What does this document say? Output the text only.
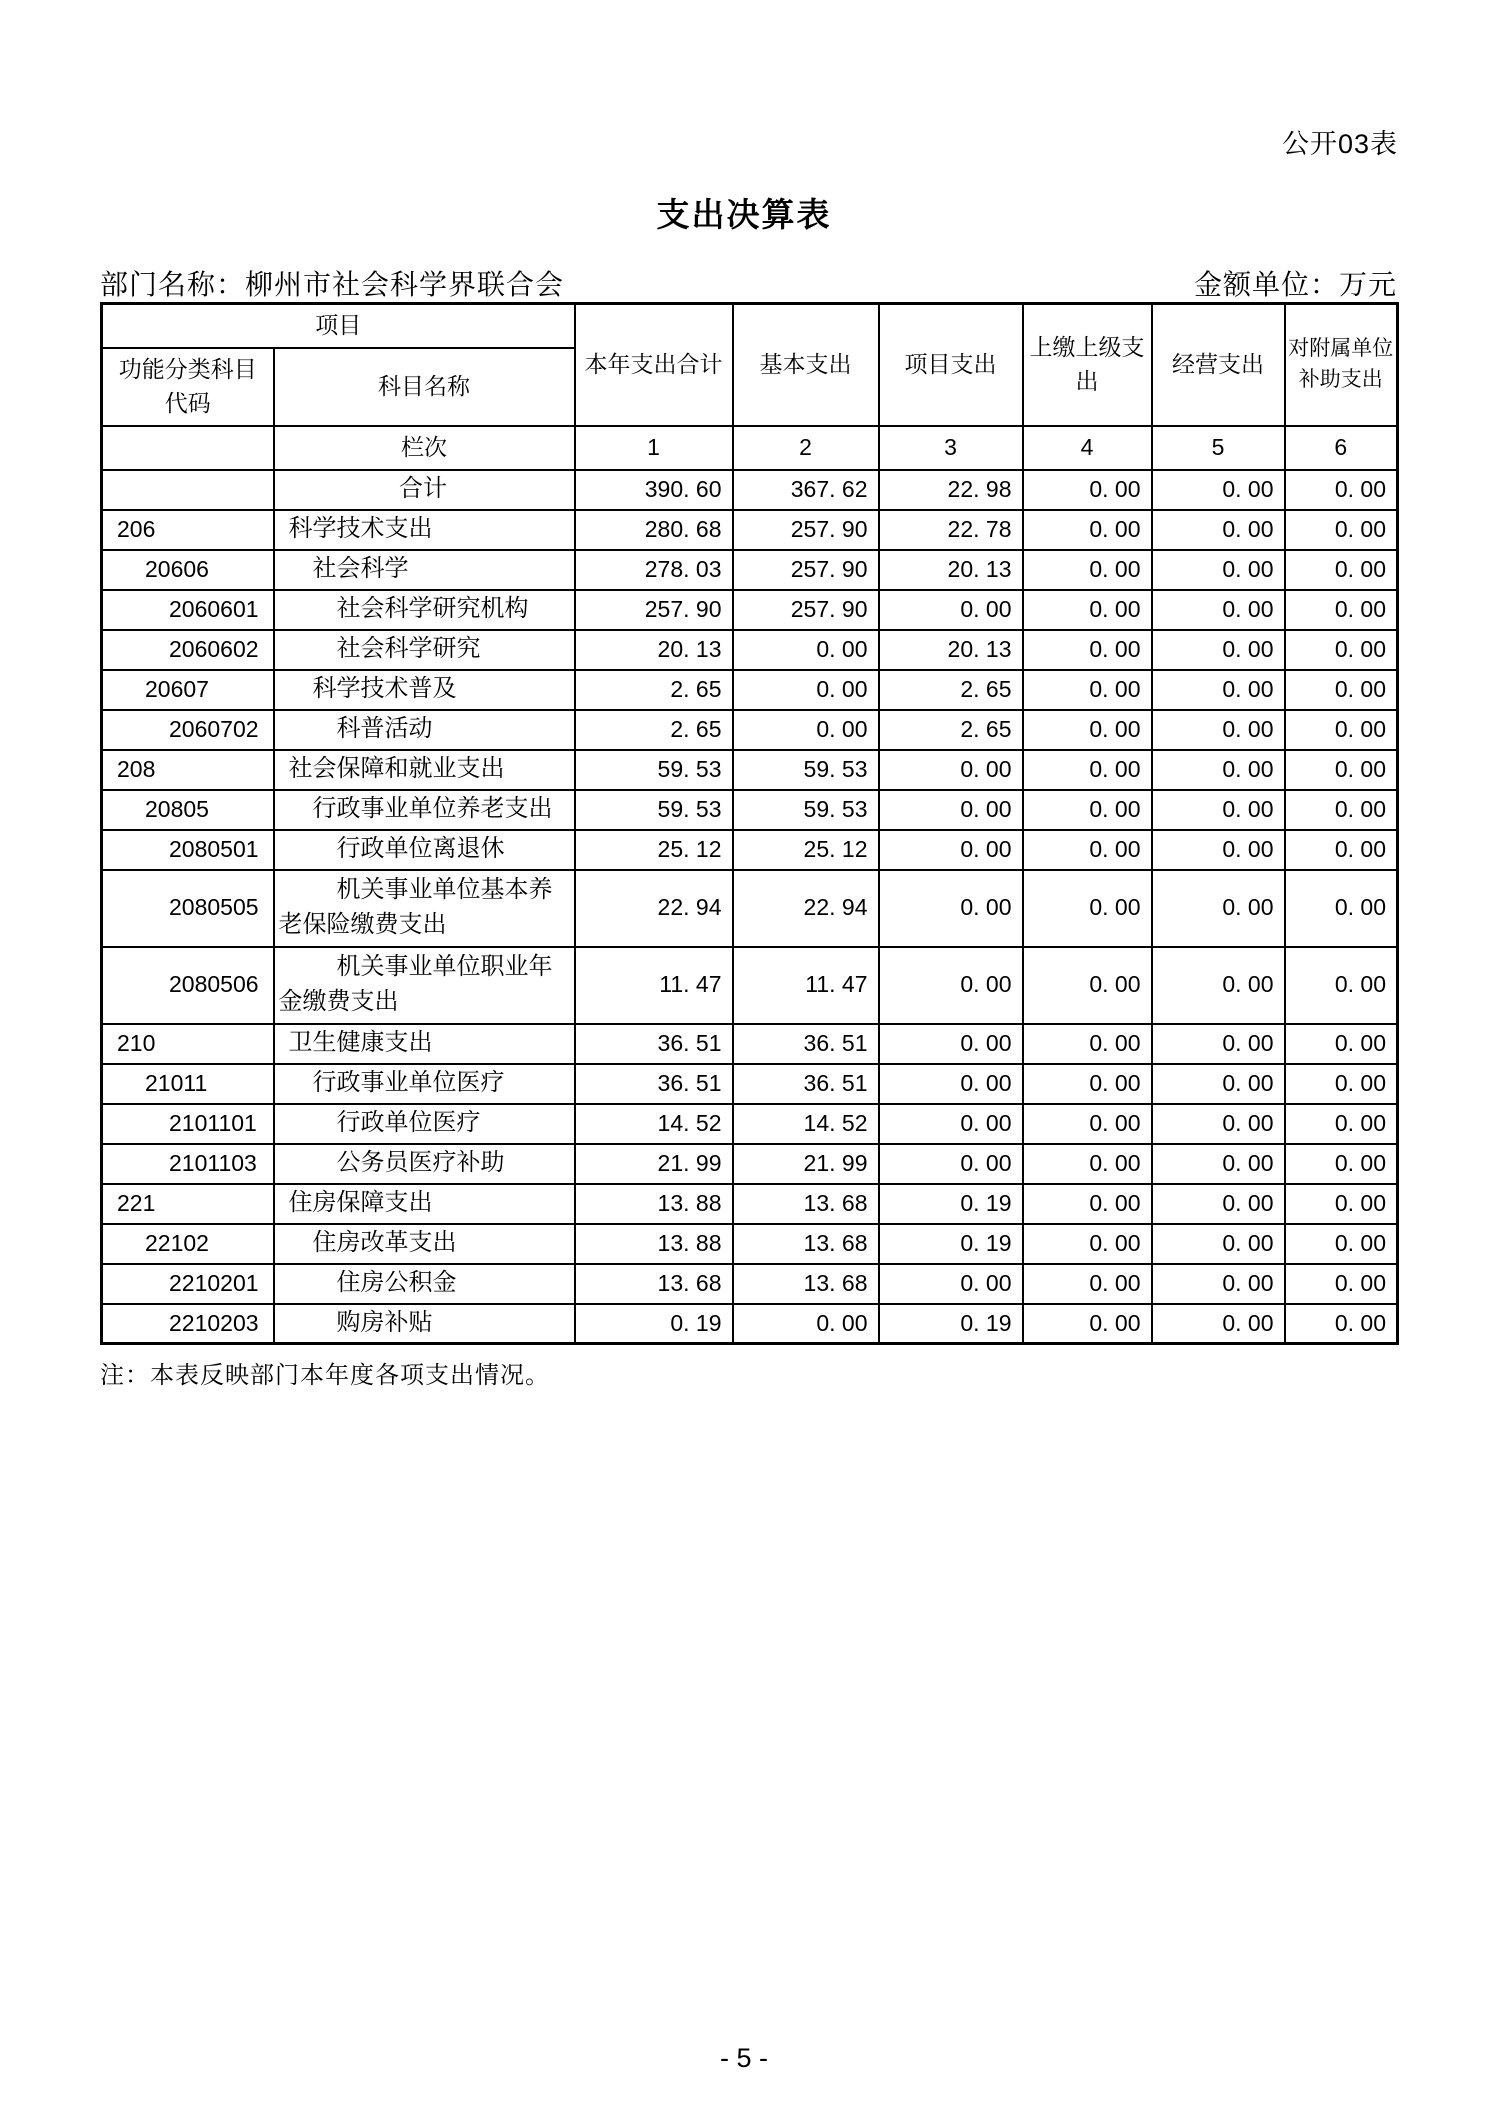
公开03表
支出决算表
部门名称：柳州市社会科学界联合会	金额单位：万元
项目		本年支出合计	基本支出	项目支出	上缴上级支出	经营支出	对附属单位补助支出
功能分类科目代码	科目名称						
	栏次	1	2	3	4	5	6
	合计	390. 60	367. 62	22. 98	0. 00	0. 00	0. 00
206	科学技术支出	280. 68	257. 90	22. 78	0. 00	0. 00	0. 00
20606	社会科学	278. 03	257. 90	20. 13	0. 00	0. 00	0. 00
2060601	社会科学研究机构	257. 90	257. 90	0. 00	0. 00	0. 00	0. 00
2060602	社会科学研究	20. 13	0. 00	20. 13	0. 00	0. 00	0. 00
20607	科学技术普及	2. 65	0. 00	2. 65	0. 00	0. 00	0. 00
2060702	科普活动	2. 65	0. 00	2. 65	0. 00	0. 00	0. 00
208	社会保障和就业支出	59. 53	59. 53	0. 00	0. 00	0. 00	0. 00
20805	行政事业单位养老支出	59. 53	59. 53	0. 00	0. 00	0. 00	0. 00
2080501	行政单位离退休	25. 12	25. 12	0. 00	0. 00	0. 00	0. 00
2080505	机关事业单位基本养老保险缴费支出	22. 94	22. 94	0. 00	0. 00	0. 00	0. 00
2080506	机关事业单位职业年金缴费支出	11. 47	11. 47	0. 00	0. 00	0. 00	0. 00
210	卫生健康支出	36. 51	36. 51	0. 00	0. 00	0. 00	0. 00
21011	行政事业单位医疗	36. 51	36. 51	0. 00	0. 00	0. 00	0. 00
2101101	行政单位医疗	14. 52	14. 52	0. 00	0. 00	0. 00	0. 00
2101103	公务员医疗补助	21. 99	21. 99	0. 00	0. 00	0. 00	0. 00
221	住房保障支出	13. 88	13. 68	0. 19	0. 00	0. 00	0. 00
22102	住房改革支出	13. 88	13. 68	0. 19	0. 00	0. 00	0. 00
2210201	住房公积金	13. 68	13. 68	0. 00	0. 00	0. 00	0. 00
2210203	购房补贴	0. 19	0. 00	0. 19	0. 00	0. 00	0. 00
注：本表反映部门本年度各项支出情况。
- 5 -
